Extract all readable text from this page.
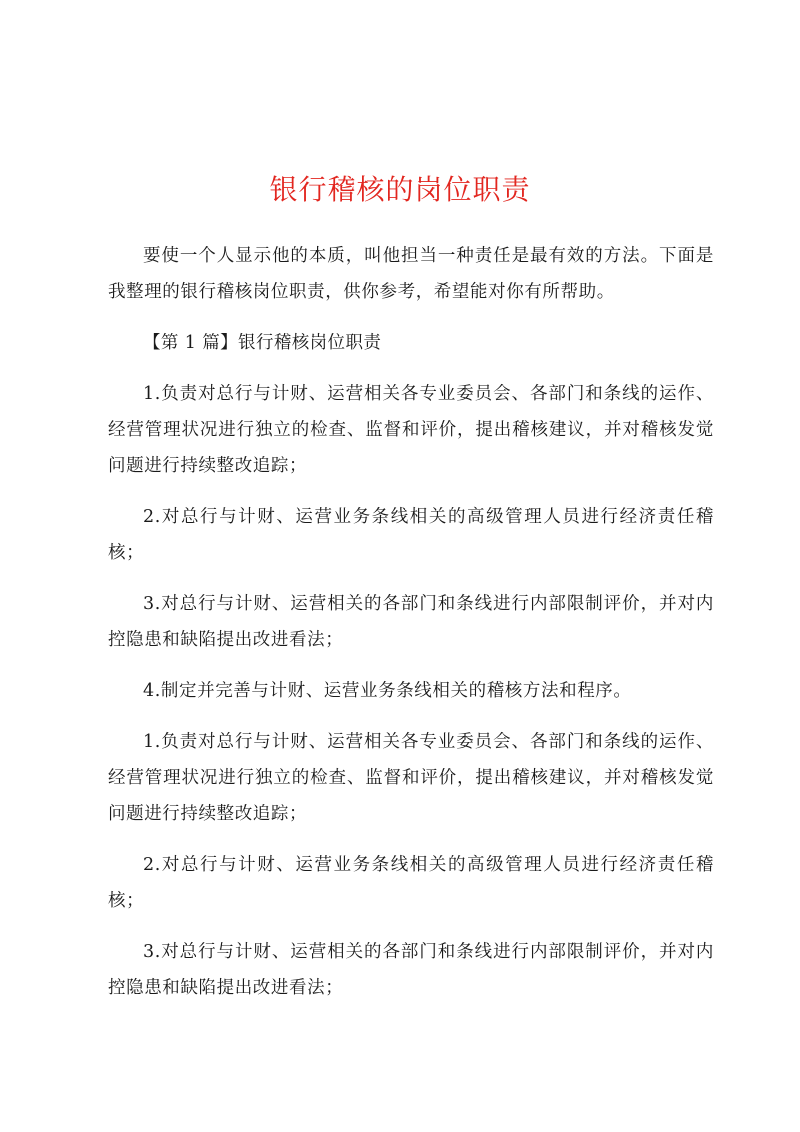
银行稽核的岗位职责

要使一个人显示他的本质，叫他担当一种责任是最有效的方法。下面是我整理的银行稽核岗位职责，供你参考，希望能对你有所帮助。

【第 1 篇】银行稽核岗位职责

1.负责对总行与计财、运营相关各专业委员会、各部门和条线的运作、经营管理状况进行独立的检查、监督和评价，提出稽核建议，并对稽核发觉问题进行持续整改追踪；

2.对总行与计财、运营业务条线相关的高级管理人员进行经济责任稽核；

3.对总行与计财、运营相关的各部门和条线进行内部限制评价，并对内控隐患和缺陷提出改进看法；

4.制定并完善与计财、运营业务条线相关的稽核方法和程序。

1.负责对总行与计财、运营相关各专业委员会、各部门和条线的运作、经营管理状况进行独立的检查、监督和评价，提出稽核建议，并对稽核发觉问题进行持续整改追踪；

2.对总行与计财、运营业务条线相关的高级管理人员进行经济责任稽核；

3.对总行与计财、运营相关的各部门和条线进行内部限制评价，并对内控隐患和缺陷提出改进看法；
